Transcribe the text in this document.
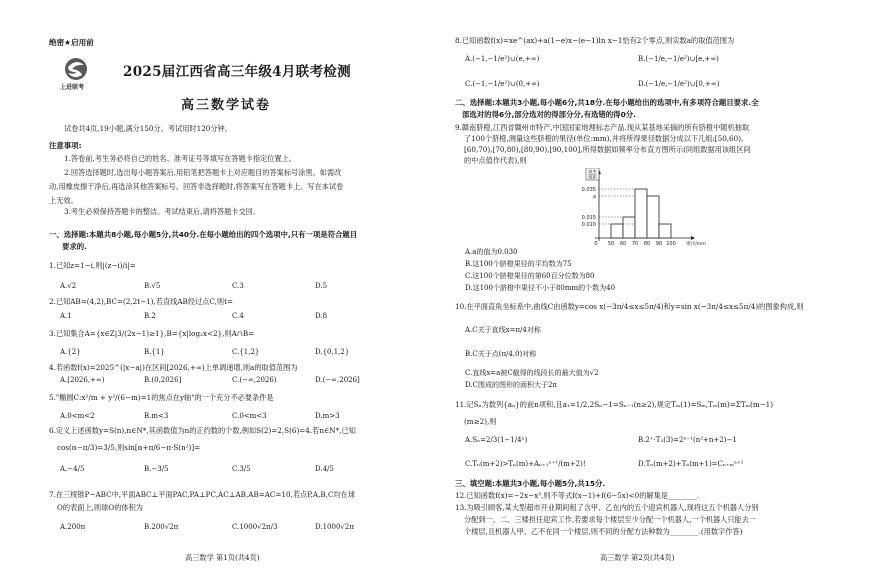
绝密★启用前
上进联考
2025届江西省高三年级4月联考检测
高三数学试卷
试卷共4页,19小题,满分150分。考试用时120分钟。
注意事项:
1.答卷前,考生务必将自己的姓名、准考证号等填写在答题卡指定位置上。
2.回答选择题时,选出每小题答案后,用铅笔把答题卡上对应题目的答案标号涂黑。如需改
动,用橡皮擦干净后,再选涂其他答案标号。回答非选择题时,将答案写在答题卡上。写在本试卷
上无效。
3.考生必须保持答题卡的整洁。考试结束后,请将答题卡交回。
一、选择题:本题共8小题,每小题5分,共40分.在每小题给出的四个选项中,只有一项是符合题目
要求的.
1.已知z=1−i,则|(z−i)/i|=
A.√2	B.√5	C.3	D.5
2.已知AB=(4,2),BC=(2,2t−1),若直线AB经过点C,则t=
A.1	B.2	C.4	D.8
3.已知集合A={x∈Z|3/(2x−1)≥1},B={x|log₂x<2},则A∩B=
A.{2}	B.{1}	C.{1,2}	D.{0,1,2}
4.若函数f(x)=2025^(|x−a|)在区间[2026,+∞)上单调递增,则a的取值范围为
A.[2026,+∞)	B.(0,2026]	C.(−∞,2026)	D.(−∞,2026]
5."椭圆C:x²/m + y²/(6−m)=1的焦点在y轴"的一个充分不必要条件是
A.0<m<2	B.m<3	C.0<m<3	D.m>3
6.定义上述函数y=S(n),n∈N*,其函数值为n的正约数的个数,例如S(2)=2,S(6)=4.若n∈N*,已知
cos(α−π/3)=3/5,则sin[α+π/6−π·S(n²)]=
A.−4/5	B.−3/5	C.3/5	D.4/5
7.在三棱锥P−ABC中,平面ABC⊥平面PAC,PA⊥PC,AC⊥AB,AB=AC=10,若点P,A,B,C均在球
O的表面上,则球O的体积为
A.200π	B.200√2π	C.1000√2π/3	D.1000√2π
高三数学 第1页(共4页)
8.已知函数f(x)=xe^(ax)+a(1−e)x−(e−1)ln x−1恰有2个零点,则实数a的取值范围为
A.(−1,−1/e²)∪(e,+∞)	B.(−1/e,−1/e²)∪[e,+∞)
C.(−1,−1/e²)∪(0,+∞)	D.(−1/e,−1/e²)∪[0,+∞)
二、选择题:本题共3小题,每小题6分,共18分.在每小题给出的选项中,有多项符合题目要求.全
部选对的得6分,部分选对的得部分分,有选错的得0分.
9.赣南脐橙,江西省赣州市特产,中国国家地理标志产品.现从某基地采摘的所有脐橙中随机抽取
了100个脐橙,测量这些脐橙的果径(单位:mm),并将所得果径数据分成以下几组:[50,60),
[60,70),[70,80),[80,90),[90,100],所得数据如频率分布直方图所示(同组数据用该组区间
的中点值作代表),则
0.035
a
0.015
0.010
0 50 60 70 80 90 100 果径/mm
频率
组距
A.a的值为0.030
B.这100个脐橙果径的平均数为75
C.这100个脐橙果径的第60百分位数为80
D.这100个脐橙中果径不小于80mm的个数为40
10.在平面直角坐标系中,曲线C由函数y=cos x(−3π/4≤x≤5π/4)和y=sin x(−3π/4≤x≤5π/4)的图象构成,则
A.C关于直线x=π/4对称
B.C关于点(π/4,0)对称
C.直线x=a被C截得的线段长的最大值为√2
D.C围成的图形的面积大于2π
11.记Sₙ为数列{aₙ}的前n项和,且a₁=1/2,2Sₙ−1=Sₙ₋₁(n≥2),规定Tₘ(1)=Sₘ,Tₘ(m)=ΣTₘ(m−1)
(m≥2),则
A.Sₙ=2/3(1−1/4ⁿ)	B.2⁺·T₃(3)=2ⁿ⁻¹(n²+n+2)−1
C.Tₙ(m+2)>Tₙ(m)+Aₙ₊₁ⁿ⁺¹/(m+2)!	D.Tₙ(m+2)+Tₙ(m+1)=Cₙ₊ₘⁿ⁺¹
三、填空题:本题共3小题,每小题5分,共15分.
12.已知函数f(x)=−2x−x³,则不等式f(x−1)+f(6−5x)<0的解集是________.
13.为吸引顾客,某大型超市开业期间租了含甲、乙在内的五个迎宾机器人,现将这五个机器人分别
分配到一、二、三楼担任迎宾工作,若要求每个楼层至少分配一个机器人,一个机器人只能去一
个楼层,且机器人甲、乙不在同一个楼层,则不同的分配方法种数为________.(用数字作答)
高三数学 第2页(共4页)
